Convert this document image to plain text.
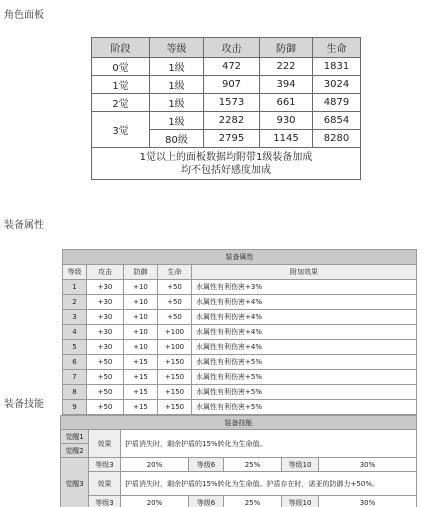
角色面板
阶段	等级	攻击	防御	生命
0觉	1级	472	222	1831
1觉	1级	907	394	3024
2觉	1级	1573	661	4879
3觉	1级	2282	930	6854
	80级	2795	1145	8280

1觉以上的面板数据均附带1级装备加成
均不包括好感度加成				
装备属性
装备属性				
等级	攻击	防御	生命	附加效果
1	+30	+10	+50	水属性有利伤害+3%
2	+30	+10	+50	水属性有利伤害+4%
3	+30	+10	+50	水属性有利伤害+4%
4	+30	+10	+100	水属性有利伤害+4%
5	+30	+10	+100	水属性有利伤害+4%
6	+50	+15	+150	水属性有利伤害+5%
7	+50	+15	+150	水属性有利伤害+5%
8	+50	+15	+150	水属性有利伤害+5%
9	+50	+15	+150	水属性有利伤害+5%
装备技能
装备技能						
觉醒1	效果	护盾消失时，剩余护盾的15%转化为生命值。				
觉醒2						
觉醒3	等级3	20%	等级6	25%	等级10	30%
	效果	护盾消失时，剩余护盾的15%转化为生命值。护盾存在时，诺亚的防御力+50%。				
	等级3	20%	等级6	25%	等级10	30%
